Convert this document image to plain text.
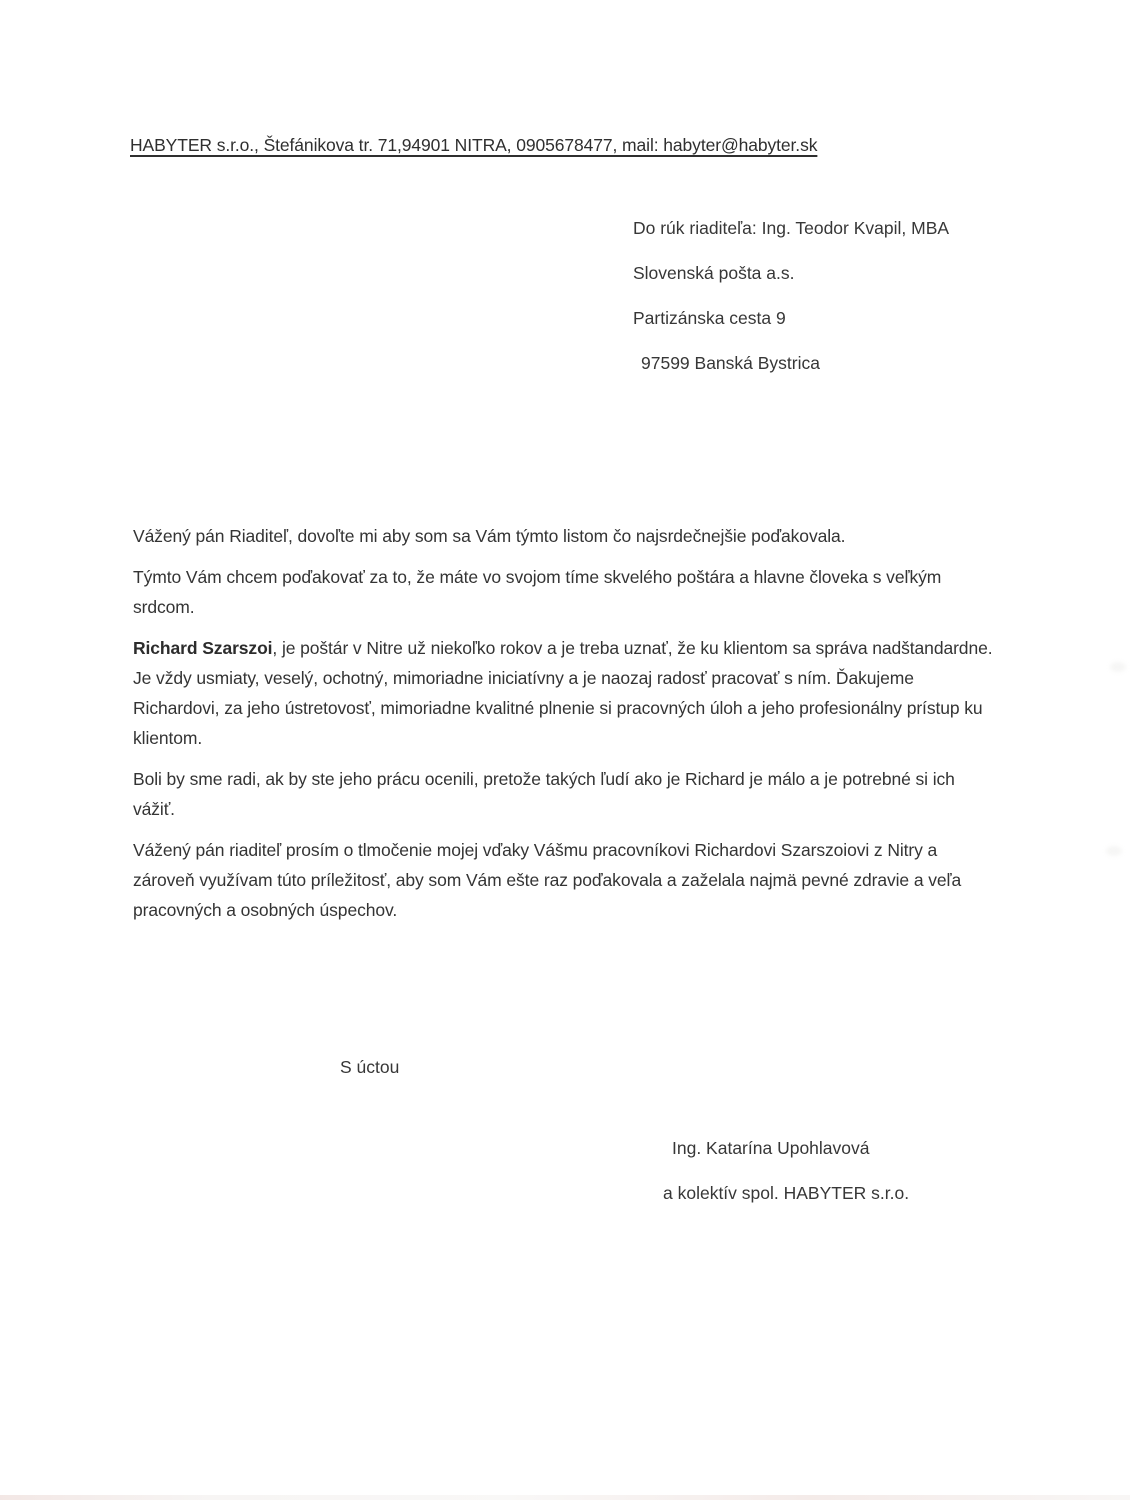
HABYTER s.r.o., Štefánikova tr. 71,94901 NITRA, 0905678477, mail: habyter@habyter.sk
Do rúk riaditeľa: Ing. Teodor Kvapil, MBA
Slovenská pošta a.s.
Partizánska cesta 9
97599 Banská Bystrica

Vážený pán Riaditeľ, dovoľte mi aby som sa Vám týmto listom čo najsrdečnejšie poďakovala.

Týmto Vám chcem poďakovať za to, že máte vo svojom tíme skvelého poštára a hlavne človeka s veľkým srdcom.

Richard Szarszoi, je poštár v Nitre už niekoľko rokov a je treba uznať, že ku klientom sa správa nadštandardne. Je vždy usmiaty, veselý, ochotný, mimoriadne iniciatívny a je naozaj radosť pracovať s ním. Ďakujeme Richardovi, za jeho ústretovosť, mimoriadne kvalitné plnenie si pracovných úloh a jeho profesionálny prístup ku klientom.

Boli by sme radi, ak by ste jeho prácu ocenili, pretože takých ľudí ako je Richard je málo a je potrebné si ich vážiť.

Vážený pán riaditeľ prosím o tlmočenie mojej vďaky Vášmu pracovníkovi Richardovi Szarszoiovi z Nitry a zároveň využívam túto príležitosť, aby som Vám ešte raz poďakovala a zaželala najmä pevné zdravie a veľa pracovných a osobných úspechov.

S úctou
Ing. Katarína Upohlavová
a kolektív spol. HABYTER s.r.o.
